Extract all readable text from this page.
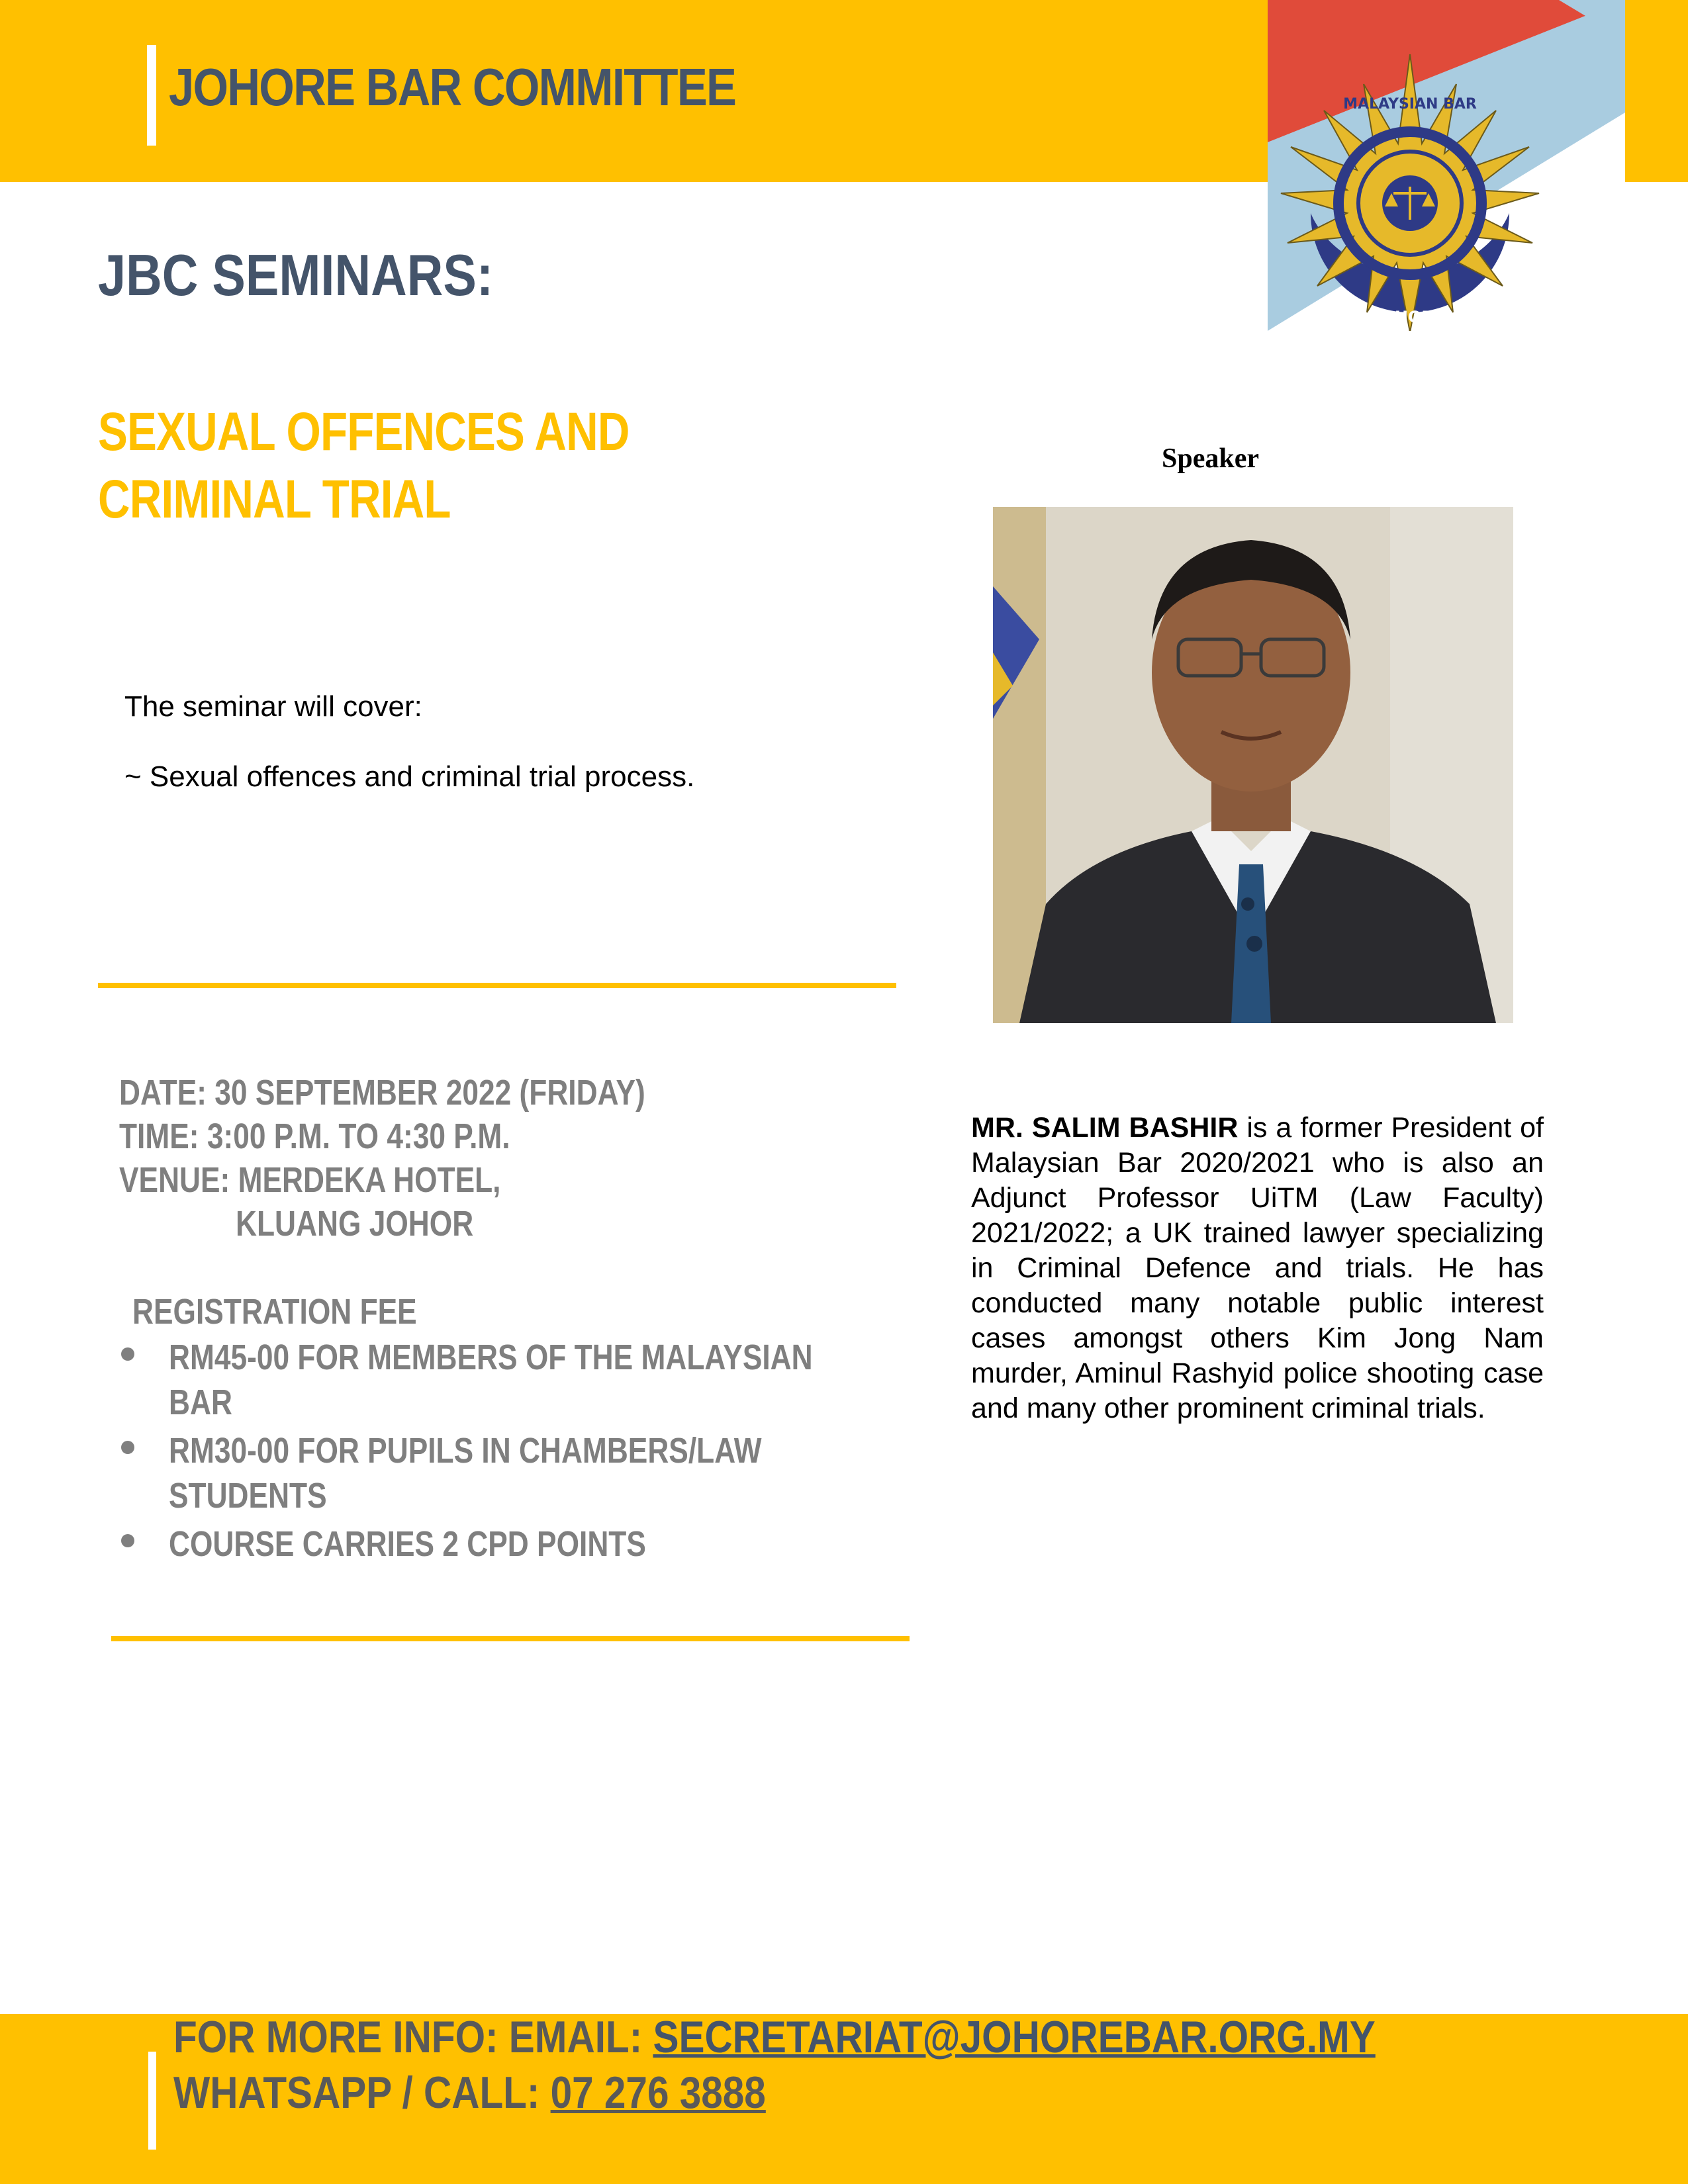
JOHORE BAR COMMITTEE	MALAYSIAN BAR
JOHORE
JBC SEMINARS:
SEXUAL OFFENCES AND
CRIMINAL TRIAL
The seminar will cover:
~ Sexual offences and criminal trial process.
DATE: 30 SEPTEMBER 2022 (FRIDAY)
TIME: 3:00 P.M. TO 4:30 P.M.
VENUE: MERDEKA HOTEL,
KLUANG JOHOR
REGISTRATION FEE
RM45-00 FOR MEMBERS OF THE MALAYSIAN
BAR
RM30-00 FOR PUPILS IN CHAMBERS/LAW
STUDENTS
COURSE CARRIES 2 CPD POINTS
Speaker
MR. SALIM BASHIR is a former President of Malaysian Bar 2020/2021 who is also an Adjunct Professor UiTM (Law Faculty) 2021/2022; a UK trained lawyer specializing in Criminal Defence and trials. He has conducted many notable public interest cases amongst others Kim Jong Nam murder, Aminul Rashyid police shooting case and many other prominent criminal trials.
FOR MORE INFO: EMAIL: SECRETARIAT@JOHOREBAR.ORG.MY
WHATSAPP / CALL: 07 276 3888
